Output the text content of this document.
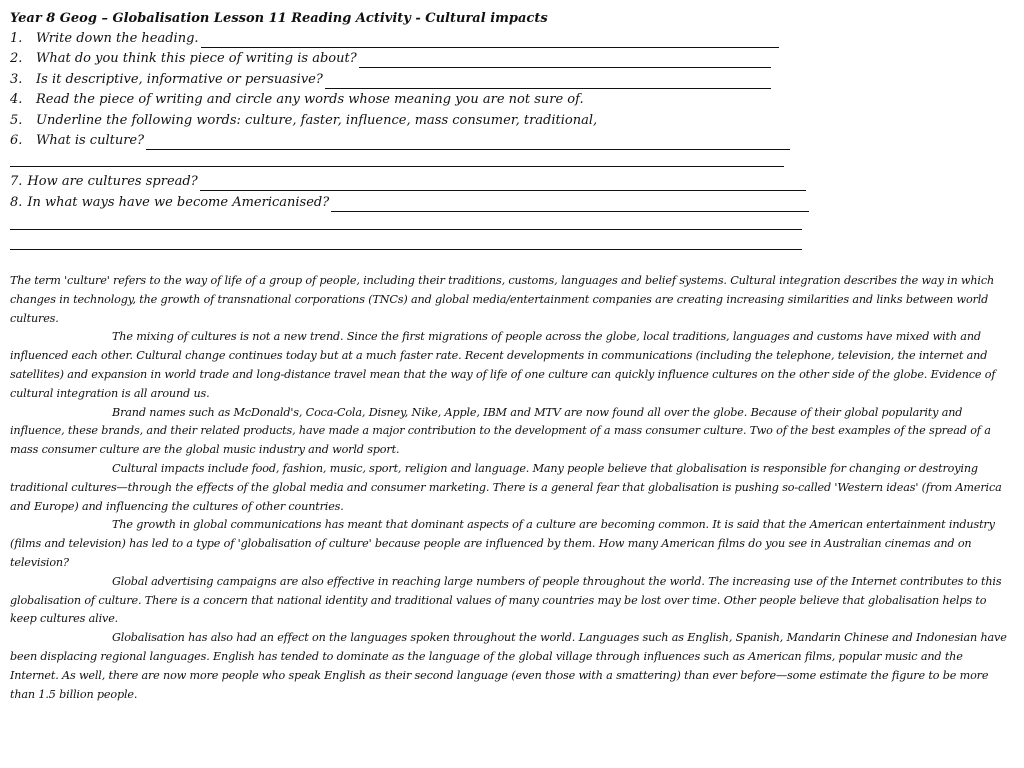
Year 8 Geog – Globalisation Lesson 11 Reading Activity - Cultural impacts
1.	Write down the heading.
2.	What do you think this piece of writing is about?
3.	Is it descriptive, informative or persuasive?
4.	Read the piece of writing and circle any words whose meaning you are not sure of.
5.	Underline the following words: culture, faster, influence, mass consumer, traditional,
6.	What is culture?
7. How are cultures spread?
8. In what ways have we become Americanised?

The term 'culture' refers to the way of life of a group of people, including their traditions, customs, languages and belief systems. Cultural integration describes the way in which changes in technology, the growth of transnational corporations (TNCs) and global media/entertainment companies are creating increasing similarities and links between world cultures.

The mixing of cultures is not a new trend. Since the first migrations of people across the globe, local traditions, languages and customs have mixed with and influenced each other. Cultural change continues today but at a much faster rate. Recent developments in communications (including the telephone, television, the internet and satellites) and expansion in world trade and long-distance travel mean that the way of life of one culture can quickly influence cultures on the other side of the globe. Evidence of cultural integration is all around us.

Brand names such as McDonald's, Coca-Cola, Disney, Nike, Apple, IBM and MTV are now found all over the globe. Because of their global popularity and influence, these brands, and their related products, have made a major contribution to the development of a mass consumer culture. Two of the best examples of the spread of a mass consumer culture are the global music industry and world sport.

Cultural impacts include food, fashion, music, sport, religion and language. Many people believe that globalisation is responsible for changing or destroying traditional cultures—through the effects of the global media and consumer marketing. There is a general fear that globalisation is pushing so-called 'Western ideas' (from America and Europe) and influencing the cultures of other countries.

The growth in global communications has meant that dominant aspects of a culture are becoming common. It is said that the American entertainment industry (films and television) has led to a type of 'globalisation of culture' because people are influenced by them. How many American films do you see in Australian cinemas and on television?

Global advertising campaigns are also effective in reaching large numbers of people throughout the world. The increasing use of the Internet contributes to this globalisation of culture. There is a concern that national identity and traditional values of many countries may be lost over time. Other people believe that globalisation helps to keep cultures alive.

Globalisation has also had an effect on the languages spoken throughout the world. Languages such as English, Spanish, Mandarin Chinese and Indonesian have been displacing regional languages. English has tended to dominate as the language of the global village through influences such as American films, popular music and the Internet. As well, there are now more people who speak English as their second language (even those with a smattering) than ever before—some estimate the figure to be more than 1.5 billion people.
